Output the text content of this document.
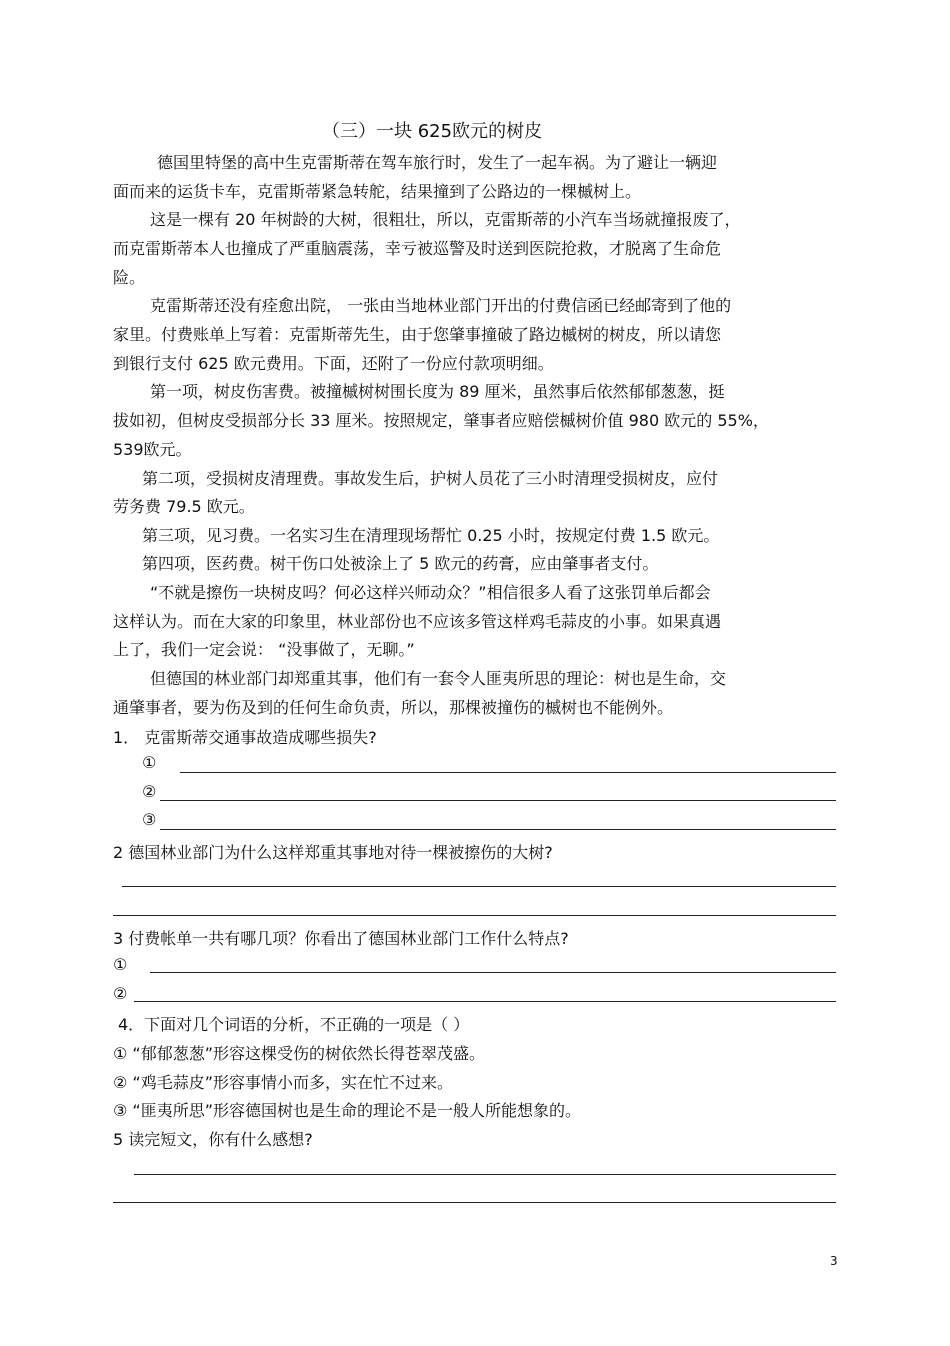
（三）一块 625欧元的树皮
德国里特堡的高中生克雷斯蒂在驾车旅行时，发生了一起车祸。为了避让一辆迎
面而来的运货卡车，克雷斯蒂紧急转舵，结果撞到了公路边的一棵槭树上。
这是一棵有 20 年树龄的大树，很粗壮，所以，克雷斯蒂的小汽车当场就撞报废了，
而克雷斯蒂本人也撞成了严重脑震荡，幸亏被巡警及时送到医院抢救，才脱离了生命危
险。
克雷斯蒂还没有痊愈出院， 一张由当地林业部门开出的付费信函已经邮寄到了他的
家里。付费账单上写着：克雷斯蒂先生，由于您肇事撞破了路边槭树的树皮，所以请您
到银行支付 625 欧元费用。下面，还附了一份应付款项明细。
第一项，树皮伤害费。被撞槭树树围长度为 89 厘米，虽然事后依然郁郁葱葱，挺
拔如初，但树皮受损部分长 33 厘米。按照规定，肇事者应赔偿槭树价值 980 欧元的 55%，
539欧元。
第二项，受损树皮清理费。事故发生后，护树人员花了三小时清理受损树皮，应付
劳务费 79.5 欧元。
第三项，见习费。一名实习生在清理现场帮忙 0.25 小时，按规定付费 1.5 欧元。
第四项，医药费。树干伤口处被涂上了 5 欧元的药膏，应由肇事者支付。
“不就是擦伤一块树皮吗？何必这样兴师动众？”相信很多人看了这张罚单后都会
这样认为。而在大家的印象里，林业部份也不应该多管这样鸡毛蒜皮的小事。如果真遇
上了，我们一定会说： “没事做了，无聊。”
但德国的林业部门却郑重其事，他们有一套令人匪夷所思的理论：树也是生命，交
通肇事者，要为伤及到的任何生命负责，所以，那棵被撞伤的槭树也不能例外。
1． 克雷斯蒂交通事故造成哪些损失?
①
②
③
2 德国林业部门为什么这样郑重其事地对待一棵被擦伤的大树?
3 付费帐单一共有哪几项？你看出了德国林业部门工作什么特点?
①
②
4．下面对几个词语的分析，不正确的一项是（ ）
① “郁郁葱葱”形容这棵受伤的树依然长得苍翠茂盛。
② “鸡毛蒜皮”形容事情小而多，实在忙不过来。
③ “匪夷所思”形容德国树也是生命的理论不是一般人所能想象的。
5 读完短文，你有什么感想?
3
